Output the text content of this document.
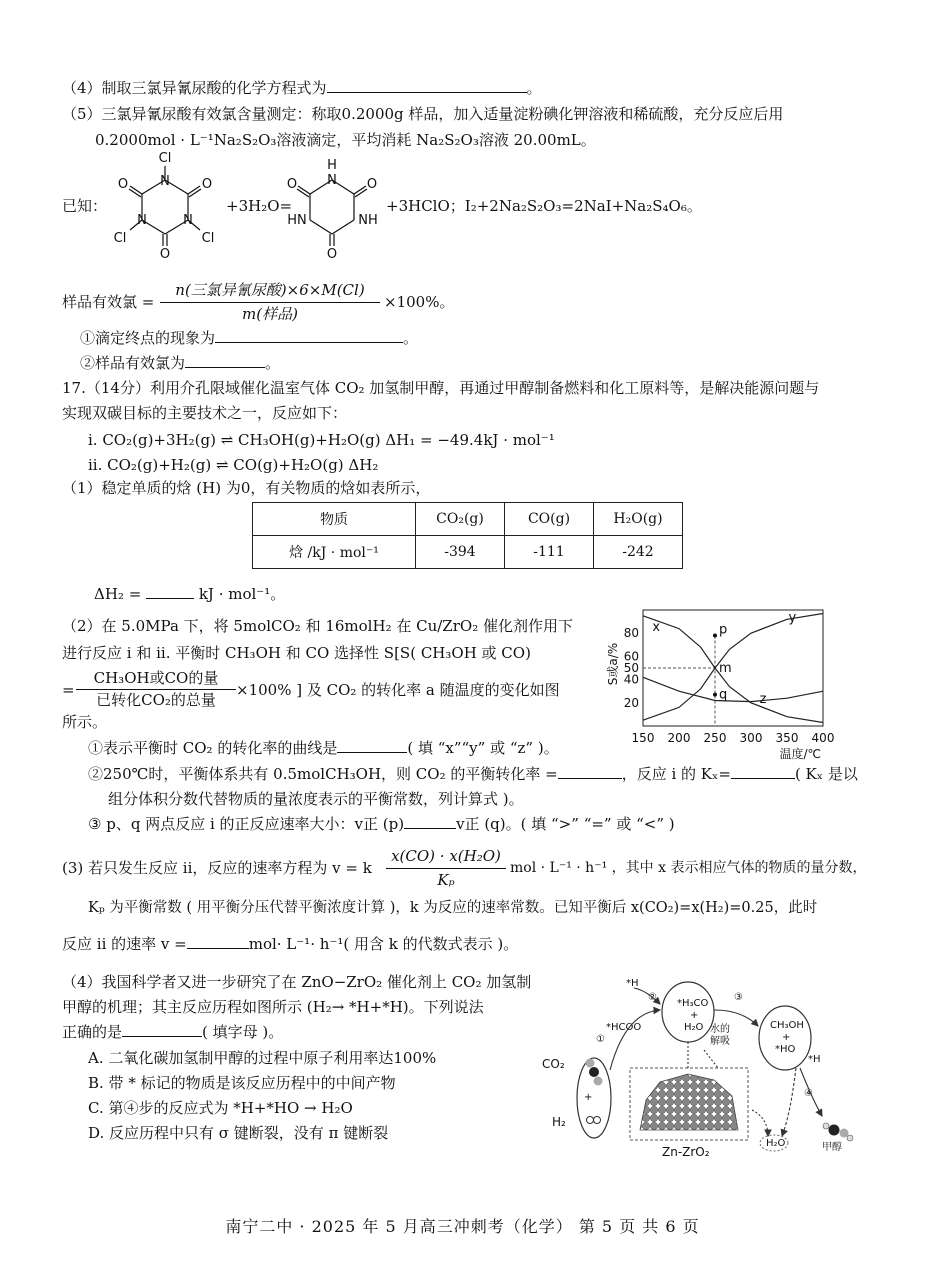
（4）制取三氯异氰尿酸的化学方程式为	。
（5）三氯异氰尿酸有效氯含量测定：称取0.2000g 样品，加入适量淀粉碘化钾溶液和稀硫酸，充分反应后用
0.2000mol · L⁻¹Na₂S₂O₃溶液滴定，平均消耗 Na₂S₂O₃溶液 20.00mL。
已知：
Cl
N O
O
N	N
O
Cl	Cl
+3H₂O=
H
N O
O
HN	NH
O
+3HClO；I₂+2Na₂S₂O₃=2NaI+Na₂S₄O₆。
样品有效氯 =
n(三氯异氰尿酸)×6×M(Cl)
m(样品)
×100%。
①滴定终点的现象为	。
②样品有效氯为	。
17.（14分）利用介孔限域催化温室气体 CO₂ 加氢制甲醇，再通过甲醇制备燃料和化工原料等，是解决能源问题与
实现双碳目标的主要技术之一，反应如下：
i. CO₂(g)+3H₂(g) ⇌ CH₃OH(g)+H₂O(g) ΔH₁ = −49.4kJ · mol⁻¹
ii. CO₂(g)+H₂(g) ⇌ CO(g)+H₂O(g) ΔH₂
（1）稳定单质的焓 (H) 为0，有关物质的焓如表所示，
物质	CO₂(g)	CO(g)	H₂O(g)
焓 /kJ · mol⁻¹	-394	-111	-242
ΔH₂ =	kJ · mol⁻¹。
（2）在 5.0MPa 下，将 5molCO₂ 和 16molH₂ 在 Cu/ZrO₂ 催化剂作用下
进行反应 i 和 ii. 平衡时 CH₃OH 和 CO 选择性 S[S( CH₃OH 或 CO)
=
CH₃OH或CO的量
已转化CO₂的总量
×100% ] 及 CO₂ 的转化率 a 随温度的变化如图
所示。
①表示平衡时 CO₂ 的转化率的曲线是	( 填 “x”“y” 或 “z” )。
②250℃时，平衡体系共有 0.5molCH₃OH，则 CO₂ 的平衡转化率 =	，反应 i 的 Kₓ=	( Kₓ 是以
组分体积分数代替物质的量浓度表示的平衡常数，列计算式 )。
③ p、q 两点反应 i 的正反应速率大小：v正 (p)	v正 (q)。( 填 “>” “=” 或 “<” )
150 200 250 300 350 400
20
40
50
60
80
温度/℃
S或a/%
x
y
z
p
m
q
(3) 若只发生反应 ii，反应的速率方程为 v = k
x(CO) · x(H₂O)
Kₚ
mol · L⁻¹ · h⁻¹ ，其中 x 表示相应气体的物质的量分数，
Kₚ 为平衡常数 ( 用平衡分压代替平衡浓度计算 )，k 为反应的速率常数。已知平衡后 x(CO₂)=x(H₂)=0.25，此时
反应 ii 的速率 v =	mol· L⁻¹· h⁻¹( 用含 k 的代数式表示 )。
（4）我国科学者又进一步研究了在 ZnO−ZrO₂ 催化剂上 CO₂ 加氢制
甲醇的机理；其主反应历程如图所示 (H₂→ *H+*H)。下列说法
正确的是	( 填字母 )。
A. 二氧化碳加氢制甲醇的过程中原子利用率达100%
B. 带 * 标记的物质是该反应历程中的中间产物
C. 第④步的反应式为 *H+*HO → H₂O
D. 反应历程中只有 σ 键断裂，没有 π 键断裂
*H
②	③
*H₃CO
+
H₂O	CH₃OH
+
*HO
①
*HCOO	水的
解吸
CO₂
+
H₂
*H
④
H₂O	甲醇
Zn-ZrO₂
南宁二中 · 2025 年 5 月高三冲刺考（化学） 第 5 页 共 6 页
